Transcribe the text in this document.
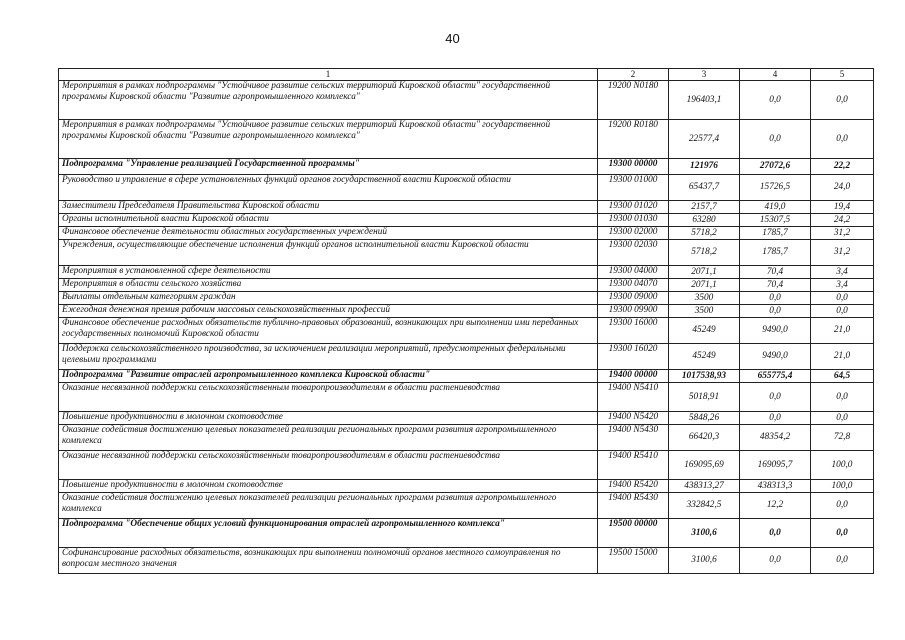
40
1	2	3	4	5
Мероприятия в рамках подпрограммы "Устойчивое развитие сельских территорий Кировской области" государственной программы Кировской области "Развитие агропромышленного комплекса"	19200 N0180	196403,1	0,0	0,0
Мероприятия в рамках подпрограммы "Устойчивое развитие сельских территорий Кировской области" государственной программы Кировской области "Развитие агропромышленного комплекса"	19200 R0180	22577,4	0,0	0,0
Подпрограмма "Управление реализацией Государственной программы"	19300 00000	121976	27072,6	22,2
Руководство и управление в сфере установленных функций органов государственной власти Кировской области	19300 01000	65437,7	15726,5	24,0
Заместители Председателя Правительства Кировской области	19300 01020	2157,7	419,0	19,4
Органы исполнительной власти Кировской области	19300 01030	63280	15307,5	24,2
Финансовое обеспечение деятельности областных государственных учреждений	19300 02000	5718,2	1785,7	31,2
Учреждения, осуществляющие обеспечение исполнения функций органов исполнительной власти Кировской области	19300 02030	5718,2	1785,7	31,2
Мероприятия в установленной сфере деятельности	19300 04000	2071,1	70,4	3,4
Мероприятия в области сельского хозяйства	19300 04070	2071,1	70,4	3,4
Выплаты отдельным категориям граждан	19300 09000	3500	0,0	0,0
Ежегодная денежная премия рабочим массовых сельскохозяйственных профессий	19300 09900	3500	0,0	0,0
Финансовое обеспечение расходных обязательств публично-правовых образований, возникающих при выполнении ими переданных государственных полномочий Кировской области	19300 16000	45249	9490,0	21,0
Поддержка сельскохозяйственного производства, за исключением реализации мероприятий, предусмотренных федеральными целевыми программами	19300 16020	45249	9490,0	21,0
Подпрограмма "Развитие отраслей агропромышленного комплекса Кировской области"	19400 00000	1017538,93	655775,4	64,5
Оказание несвязанной поддержки сельскохозяйственным товаропроизводителям в области растениеводства	19400 N5410	5018,91	0,0	0,0
Повышение продуктивности в молочном скотоводстве	19400 N5420	5848,26	0,0	0,0
Оказание содействия достижению целевых показателей реализации региональных программ развития агропромышленного комплекса	19400 N5430	66420,3	48354,2	72,8
Оказание несвязанной поддержки сельскохозяйственным товаропроизводителям в области растениеводства	19400 R5410	169095,69	169095,7	100,0
Повышение продуктивности в молочном скотоводстве	19400 R5420	438313,27	438313,3	100,0
Оказание содействия достижению целевых показателей реализации региональных программ развития агропромышленного комплекса	19400 R5430	332842,5	12,2	0,0
Подпрограмма "Обеспечение общих условий функционирования отраслей агропромышленного комплекса"	19500 00000	3100,6	0,0	0,0
Софинансирование расходных обязательств, возникающих при выполнении полномочий органов местного самоуправления по вопросам местного значения	19500 15000	3100,6	0,0	0,0
